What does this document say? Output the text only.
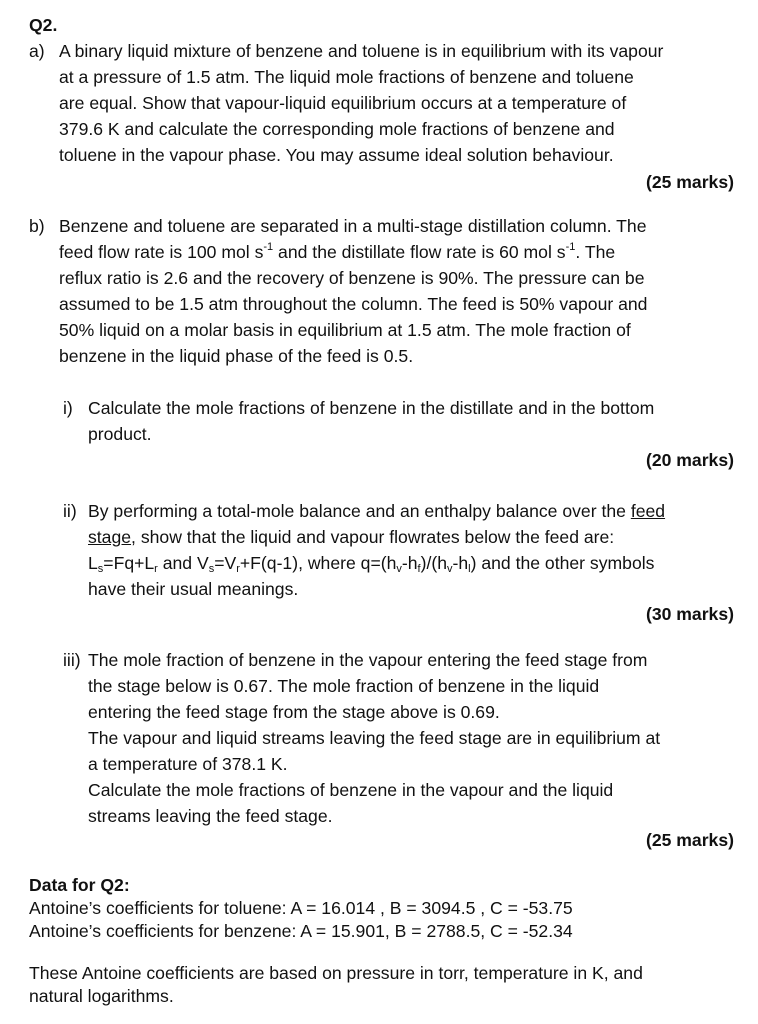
Q2.
a) A binary liquid mixture of benzene and toluene is in equilibrium with its vapour
at a pressure of 1.5 atm. The liquid mole fractions of benzene and toluene
are equal. Show that vapour-liquid equilibrium occurs at a temperature of
379.6 K and calculate the corresponding mole fractions of benzene and
toluene in the vapour phase. You may assume ideal solution behaviour.
(25 marks)
b) Benzene and toluene are separated in a multi-stage distillation column. The
feed flow rate is 100 mol $s^{-1}$ and the distillate flow rate is 60 mol $s^{-1}$. The
reflux ratio is 2.6 and the recovery of benzene is 90%. The pressure can be
assumed to be 1.5 atm throughout the column. The feed is 50% vapour and
50% liquid on a molar basis in equilibrium at 1.5 atm. The mole fraction of
benzene in the liquid phase of the feed is 0.5.
i) Calculate the mole fractions of benzene in the distillate and in the bottom
product.
(20 marks)
ii) By performing a total-mole balance and an enthalpy balance over the feed
stage, show that the liquid and vapour flowrates below the feed are:
$L_s=Fq+L_r$ and $V_s=V_r+F(q-1)$, where $q=(h_v-h_f)/(h_v-h_l)$ and the other symbols
have their usual meanings.
(30 marks)
iii) The mole fraction of benzene in the vapour entering the feed stage from
the stage below is 0.67. The mole fraction of benzene in the liquid
entering the feed stage from the stage above is 0.69.
The vapour and liquid streams leaving the feed stage are in equilibrium at
a temperature of 378.1 K.
Calculate the mole fractions of benzene in the vapour and the liquid
streams leaving the feed stage.
(25 marks)
Data for Q2:
Antoine’s coefficients for toluene: A = 16.014 , B = 3094.5 , C = -53.75
Antoine’s coefficients for benzene: A = 15.901, B = 2788.5, C = -52.34
These Antoine coefficients are based on pressure in torr, temperature in K, and
natural logarithms.
